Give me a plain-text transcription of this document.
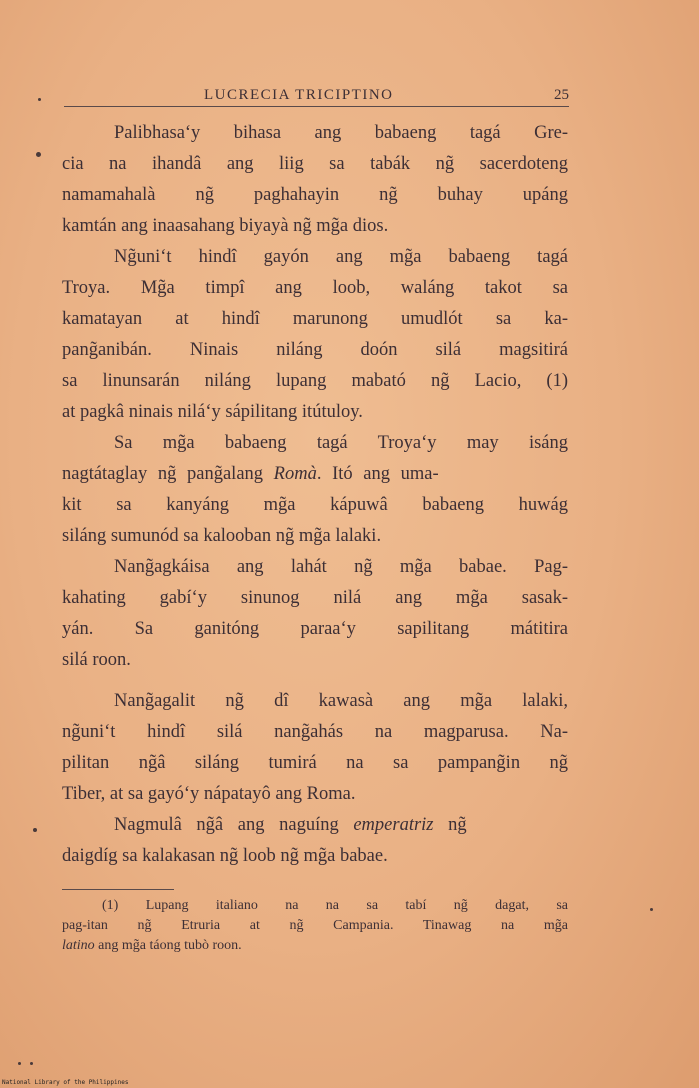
LUCRECIA TRICIPTINO	25
Palibhasa‘y bihasa ang babaeng tagá Gre-
cia na ihandâ ang liig sa tabák ng̃ sacerdoteng
namamahalà ng̃ paghahayin ng̃ buhay upáng
kamtán ang inaasahang biyayà ng̃ mg̃a dios.
Ng̃uni‘t hindî gayón ang mg̃a babaeng tagá
Troya. Mg̃a timpî ang loob, waláng takot sa
kamatayan at hindî marunong umudlót sa ka-
pang̃anibán. Ninais niláng doón silá magsitirá
sa linunsarán niláng lupang mabató ng̃ Lacio, (1)
at pagkâ ninais nilá‘y sápilitang itútuloy.
Sa mg̃a babaeng tagá Troya‘y may isáng
nagtátaglay ng̃ pang̃alang Romà. Itó ang uma-
kit sa kanyáng mg̃a kápuwâ babaeng huwág
siláng sumunód sa kalooban ng̃ mg̃a lalaki.
Nang̃agkáisa ang lahát ng̃ mg̃a babae. Pag-
kahating gabí‘y sinunog nilá ang mg̃a sasak-
yán. Sa ganitóng paraa‘y sapilitang mátitira
silá roon.
Nang̃agalit ng̃ dî kawasà ang mg̃a lalaki,
ng̃uni‘t hindî silá nang̃ahás na magparusa. Na-
pilitan ng̃â siláng tumirá na sa pampang̃in ng̃
Tiber, at sa gayó‘y nápatayô ang Roma.
Nagmulâ ng̃â ang naguíng emperatriz ng̃
daigdíg sa kalakasan ng̃ loob ng̃ mg̃a babae.
(1) Lupang italiano na na sa tabí ng̃ dagat, sa
pag-itan ng̃ Etruria at ng̃ Campania. Tinawag na mg̃a
latino ang mg̃a táong tubò roon.
National Library of the Philippines
